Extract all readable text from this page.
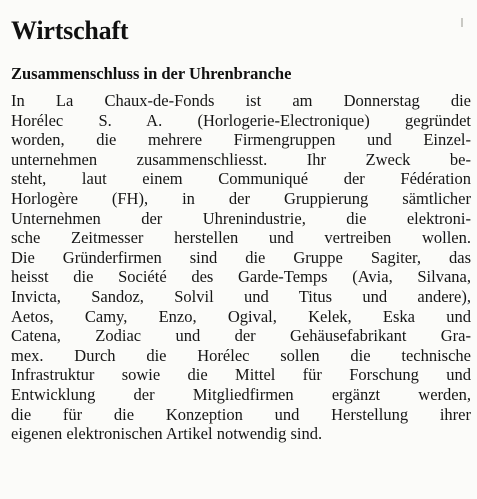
Wirtschaft
Zusammenschluss in der Uhrenbranche
In La Chaux-de-Fonds ist am Donnerstag die
Horélec S. A. (Horlogerie-Electronique) gegründet
worden, die mehrere Firmengruppen und Einzel-
unternehmen zusammenschliesst. Ihr Zweck be-
steht, laut einem Communiqué der Fédération
Horlogère (FH), in der Gruppierung sämtlicher
Unternehmen der Uhrenindustrie, die elektroni-
sche Zeitmesser herstellen und vertreiben wollen.
Die Gründerfirmen sind die Gruppe Sagiter, das
heisst die Société des Garde-Temps (Avia, Silvana,
Invicta, Sandoz, Solvil und Titus und andere),
Aetos, Camy, Enzo, Ogival, Kelek, Eska und
Catena, Zodiac und der Gehäusefabrikant Gra-
mex. Durch die Horélec sollen die technische
Infrastruktur sowie die Mittel für Forschung und
Entwicklung der Mitgliedfirmen ergänzt werden,
die für die Konzeption und Herstellung ihrer
eigenen elektronischen Artikel notwendig sind.
